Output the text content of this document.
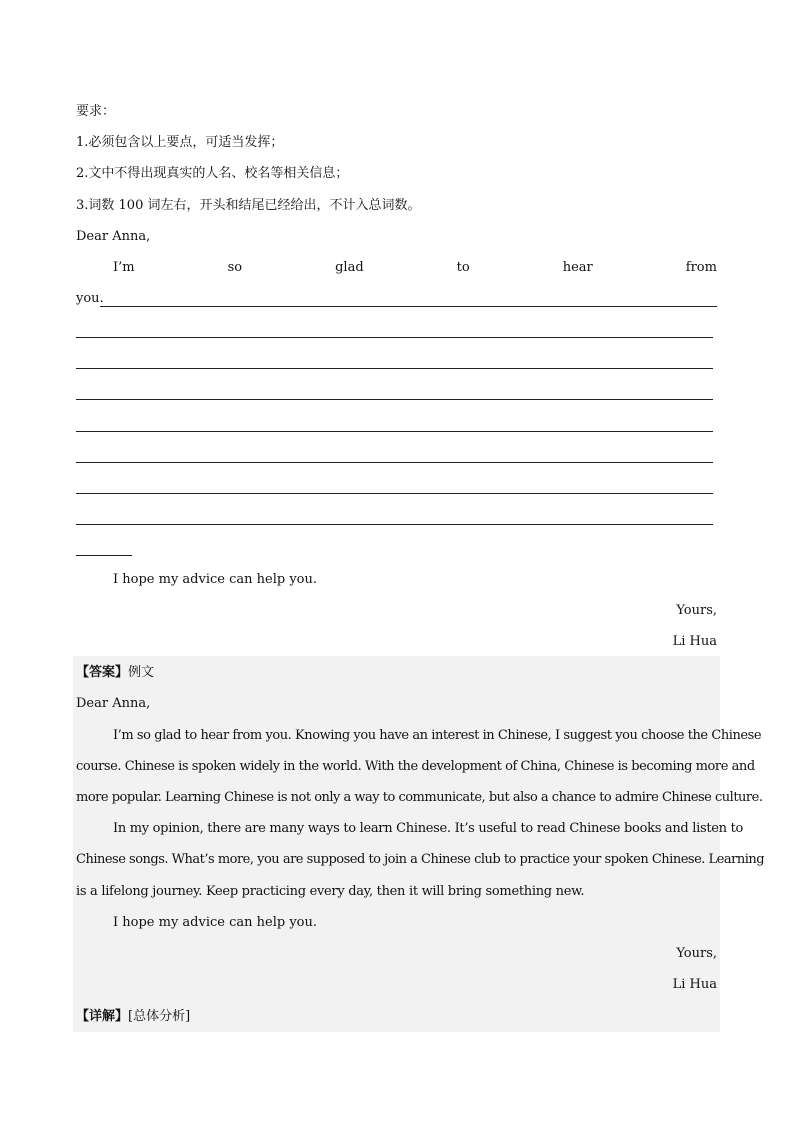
要求：
1.必须包含以上要点，可适当发挥；
2.文中不得出现真实的人名、校名等相关信息；
3.词数 100 词左右，开头和结尾已经给出，不计入总词数。
Dear Anna,
I’m	so	glad	to	hear	from
you.
I hope my advice can help you.
Yours,
Li Hua
【答案】例文
Dear Anna,
I’m so glad to hear from you. Knowing you have an interest in Chinese, I suggest you choose the Chinese
course. Chinese is spoken widely in the world. With the development of China, Chinese is becoming more and
more popular. Learning Chinese is not only a way to communicate, but also a chance to admire Chinese culture.
In my opinion, there are many ways to learn Chinese. It’s useful to read Chinese books and listen to
Chinese songs. What’s more, you are supposed to join a Chinese club to practice your spoken Chinese. Learning
is a lifelong journey. Keep practicing every day, then it will bring something new.
I hope my advice can help you.
Yours,
Li Hua
【详解】[总体分析]
